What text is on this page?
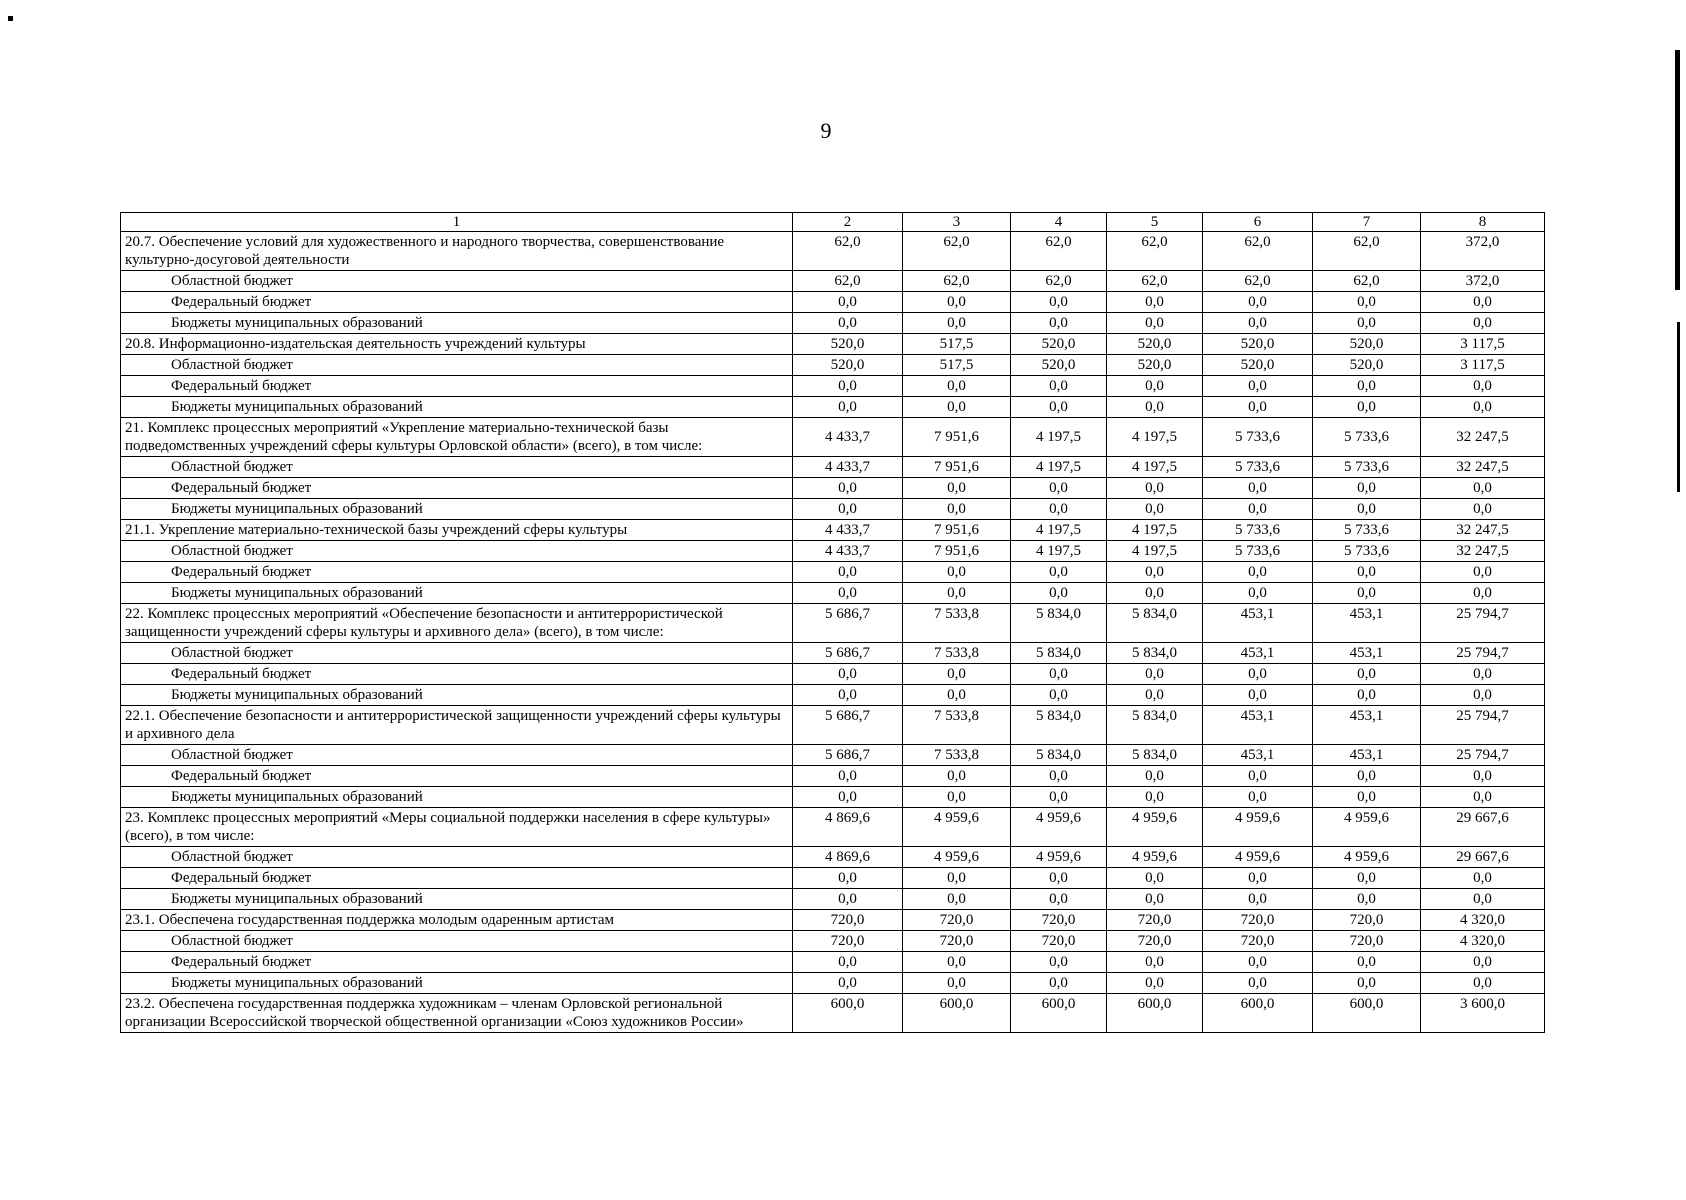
9
1	2	3	4	5	6	7	8
20.7. Обеспечение условий для художественного и народного творчества, совершенствование культурно-досуговой деятельности	62,0	62,0	62,0	62,0	62,0	62,0	372,0
Областной бюджет	62,0	62,0	62,0	62,0	62,0	62,0	372,0
Федеральный бюджет	0,0	0,0	0,0	0,0	0,0	0,0	0,0
Бюджеты муниципальных образований	0,0	0,0	0,0	0,0	0,0	0,0	0,0
20.8. Информационно-издательская деятельность учреждений культуры	520,0	517,5	520,0	520,0	520,0	520,0	3 117,5
Областной бюджет	520,0	517,5	520,0	520,0	520,0	520,0	3 117,5
Федеральный бюджет	0,0	0,0	0,0	0,0	0,0	0,0	0,0
Бюджеты муниципальных образований	0,0	0,0	0,0	0,0	0,0	0,0	0,0
21. Комплекс процессных мероприятий «Укрепление материально-технической базы подведомственных учреждений сферы культуры Орловской области» (всего), в том числе:	4 433,7	7 951,6	4 197,5	4 197,5	5 733,6	5 733,6	32 247,5
Областной бюджет	4 433,7	7 951,6	4 197,5	4 197,5	5 733,6	5 733,6	32 247,5
Федеральный бюджет	0,0	0,0	0,0	0,0	0,0	0,0	0,0
Бюджеты муниципальных образований	0,0	0,0	0,0	0,0	0,0	0,0	0,0
21.1. Укрепление материально-технической базы учреждений сферы культуры	4 433,7	7 951,6	4 197,5	4 197,5	5 733,6	5 733,6	32 247,5
Областной бюджет	4 433,7	7 951,6	4 197,5	4 197,5	5 733,6	5 733,6	32 247,5
Федеральный бюджет	0,0	0,0	0,0	0,0	0,0	0,0	0,0
Бюджеты муниципальных образований	0,0	0,0	0,0	0,0	0,0	0,0	0,0
22. Комплекс процессных мероприятий «Обеспечение безопасности и антитеррористической защищенности учреждений сферы культуры и архивного дела» (всего), в том числе:	5 686,7	7 533,8	5 834,0	5 834,0	453,1	453,1	25 794,7
Областной бюджет	5 686,7	7 533,8	5 834,0	5 834,0	453,1	453,1	25 794,7
Федеральный бюджет	0,0	0,0	0,0	0,0	0,0	0,0	0,0
Бюджеты муниципальных образований	0,0	0,0	0,0	0,0	0,0	0,0	0,0
22.1. Обеспечение безопасности и антитеррористической защищенности учреждений сферы культуры и архивного дела	5 686,7	7 533,8	5 834,0	5 834,0	453,1	453,1	25 794,7
Областной бюджет	5 686,7	7 533,8	5 834,0	5 834,0	453,1	453,1	25 794,7
Федеральный бюджет	0,0	0,0	0,0	0,0	0,0	0,0	0,0
Бюджеты муниципальных образований	0,0	0,0	0,0	0,0	0,0	0,0	0,0
23. Комплекс процессных мероприятий «Меры социальной поддержки населения в сфере культуры» (всего), в том числе:	4 869,6	4 959,6	4 959,6	4 959,6	4 959,6	4 959,6	29 667,6
Областной бюджет	4 869,6	4 959,6	4 959,6	4 959,6	4 959,6	4 959,6	29 667,6
Федеральный бюджет	0,0	0,0	0,0	0,0	0,0	0,0	0,0
Бюджеты муниципальных образований	0,0	0,0	0,0	0,0	0,0	0,0	0,0
23.1. Обеспечена государственная поддержка молодым одаренным артистам	720,0	720,0	720,0	720,0	720,0	720,0	4 320,0
Областной бюджет	720,0	720,0	720,0	720,0	720,0	720,0	4 320,0
Федеральный бюджет	0,0	0,0	0,0	0,0	0,0	0,0	0,0
Бюджеты муниципальных образований	0,0	0,0	0,0	0,0	0,0	0,0	0,0
23.2. Обеспечена государственная поддержка художникам – членам Орловской региональной организации Всероссийской творческой общественной организации «Союз художников России»	600,0	600,0	600,0	600,0	600,0	600,0	3 600,0
